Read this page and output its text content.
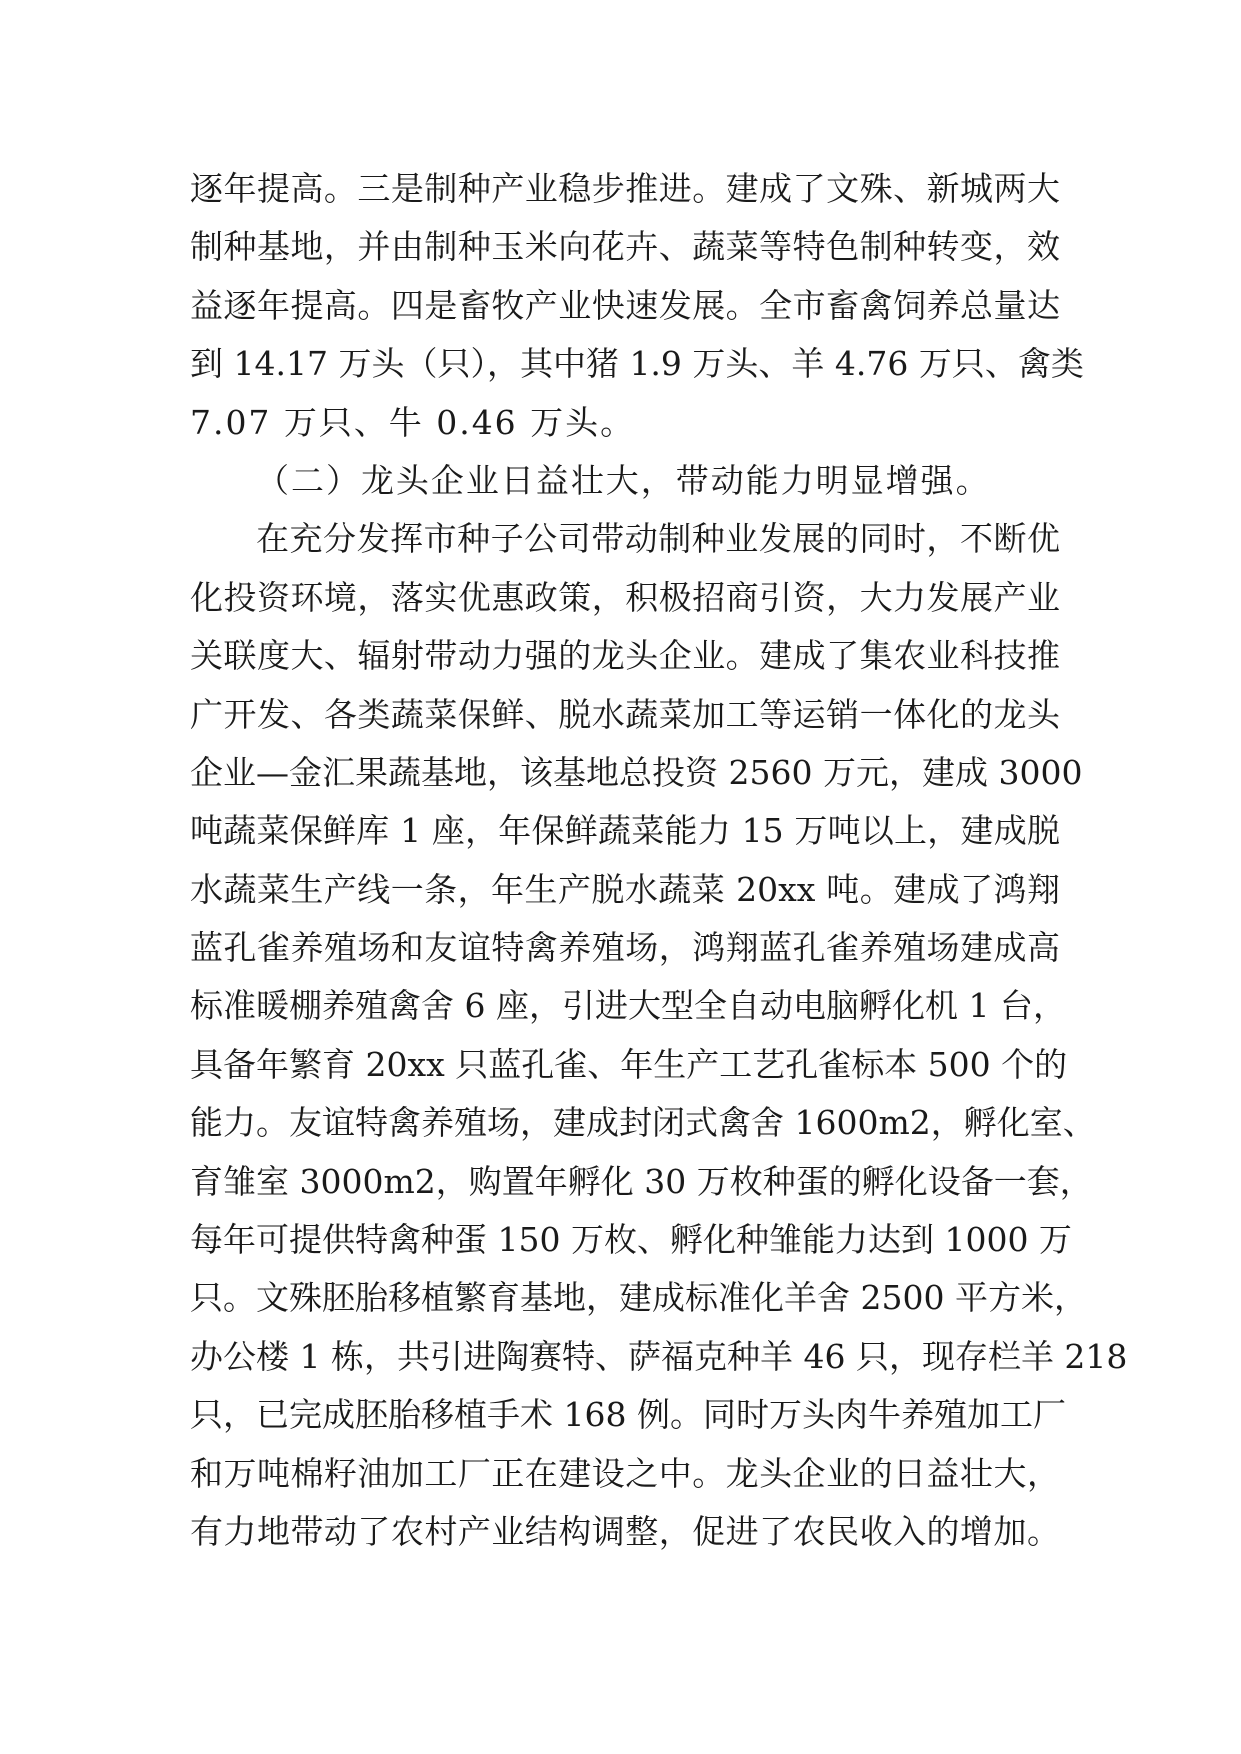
逐年提高。三是制种产业稳步推进。建成了文殊、新城两大
制种基地，并由制种玉米向花卉、蔬菜等特色制种转变，效
益逐年提高。四是畜牧产业快速发展。全市畜禽饲养总量达
到 14.17 万头（只），其中猪 1.9 万头、羊 4.76 万只、禽类
7.07 万只、牛 0.46 万头。
（二）龙头企业日益壮大，带动能力明显增强。
在充分发挥市种子公司带动制种业发展的同时，不断优
化投资环境，落实优惠政策，积极招商引资，大力发展产业
关联度大、辐射带动力强的龙头企业。建成了集农业科技推
广开发、各类蔬菜保鲜、脱水蔬菜加工等运销一体化的龙头
企业—金汇果蔬基地，该基地总投资 2560 万元，建成 3000
吨蔬菜保鲜库 1 座，年保鲜蔬菜能力 15 万吨以上，建成脱
水蔬菜生产线一条，年生产脱水蔬菜 20xx 吨。建成了鸿翔
蓝孔雀养殖场和友谊特禽养殖场，鸿翔蓝孔雀养殖场建成高
标准暖棚养殖禽舍 6 座，引进大型全自动电脑孵化机 1 台，
具备年繁育 20xx 只蓝孔雀、年生产工艺孔雀标本 500 个的
能力。友谊特禽养殖场，建成封闭式禽舍 1600m2，孵化室、
育雏室 3000m2，购置年孵化 30 万枚种蛋的孵化设备一套，
每年可提供特禽种蛋 150 万枚、孵化种雏能力达到 1000 万
只。文殊胚胎移植繁育基地，建成标准化羊舍 2500 平方米，
办公楼 1 栋，共引进陶赛特、萨福克种羊 46 只，现存栏羊 218
只，已完成胚胎移植手术 168 例。同时万头肉牛养殖加工厂
和万吨棉籽油加工厂正在建设之中。龙头企业的日益壮大，
有力地带动了农村产业结构调整，促进了农民收入的增加。
